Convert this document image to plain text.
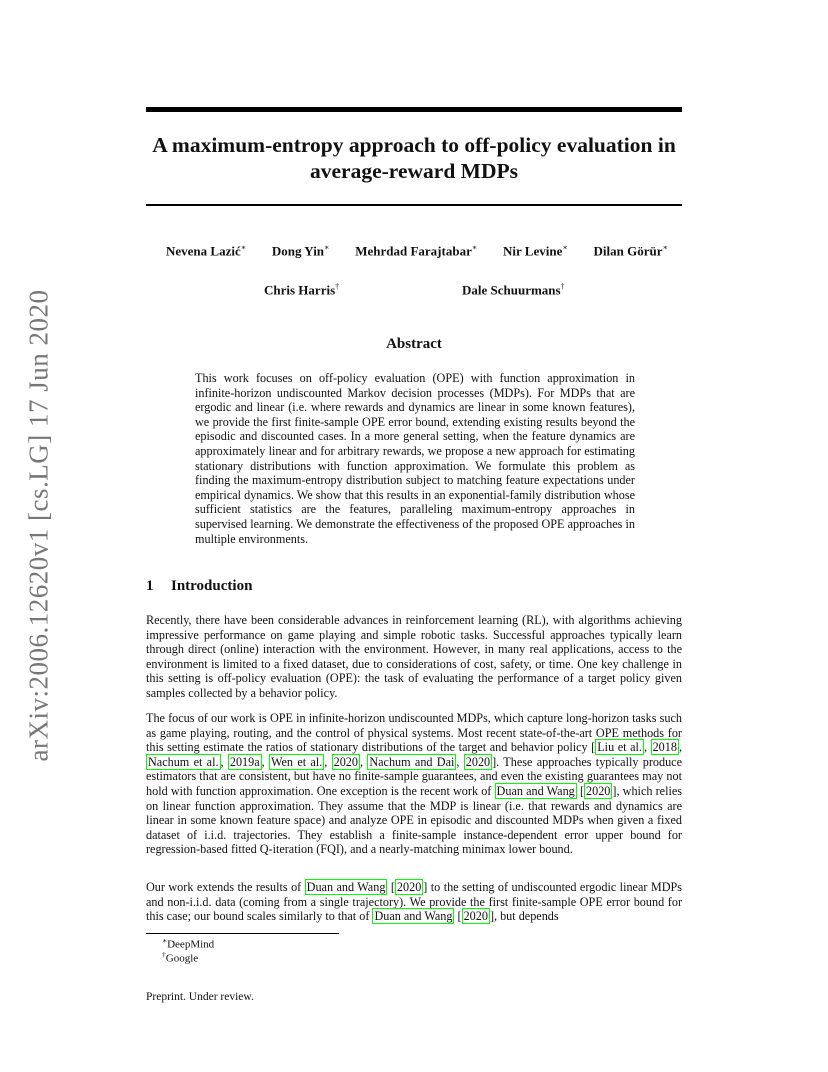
arXiv:2006.12620v1 [cs.LG] 17 Jun 2020
A maximum-entropy approach to off-policy evaluation in average-reward MDPs
Nevena Lazić∗ Dong Yin∗ Mehrdad Farajtabar∗ Nir Levine∗ Dilan Görür∗
Chris Harris†	Dale Schuurmans†
Abstract
This work focuses on off-policy evaluation (OPE) with function approximation in infinite-horizon undiscounted Markov decision processes (MDPs). For MDPs that are ergodic and linear (i.e. where rewards and dynamics are linear in some known features), we provide the first finite-sample OPE error bound, extending existing results beyond the episodic and discounted cases. In a more general setting, when the feature dynamics are approximately linear and for arbitrary rewards, we propose a new approach for estimating stationary distributions with function approximation. We formulate this problem as finding the maximum-entropy distribution subject to matching feature expectations under empirical dynamics. We show that this results in an exponential-family distribution whose sufficient statistics are the features, paralleling maximum-entropy approaches in supervised learning. We demonstrate the effectiveness of the proposed OPE approaches in multiple environments.
1 Introduction
Recently, there have been considerable advances in reinforcement learning (RL), with algorithms achieving impressive performance on game playing and simple robotic tasks. Successful approaches typically learn through direct (online) interaction with the environment. However, in many real applications, access to the environment is limited to a fixed dataset, due to considerations of cost, safety, or time. One key challenge in this setting is off-policy evaluation (OPE): the task of evaluating the performance of a target policy given samples collected by a behavior policy.
The focus of our work is OPE in infinite-horizon undiscounted MDPs, which capture long-horizon tasks such as game playing, routing, and the control of physical systems. Most recent state-of-the-art OPE methods for this setting estimate the ratios of stationary distributions of the target and behavior policy [ Liu et al. , 2018 , Nachum et al. , 2019a , Wen et al. , 2020 , Nachum and Dai , 2020 ]. These approaches typically produce estimators that are consistent, but have no finite-sample guarantees, and even the existing guarantees may not hold with function approximation. One exception is the recent work of Duan and Wang [ 2020 ], which relies on linear function approximation. They assume that the MDP is linear (i.e. that rewards and dynamics are linear in some known feature space) and analyze OPE in episodic and discounted MDPs when given a fixed dataset of i.i.d. trajectories. They establish a finite-sample instance-dependent error upper bound for regression-based fitted Q-iteration (FQI), and a nearly-matching minimax lower bound.
Our work extends the results of Duan and Wang [ 2020 ] to the setting of undiscounted ergodic linear MDPs and non-i.i.d. data (coming from a single trajectory). We provide the first finite-sample OPE error bound for this case; our bound scales similarly to that of Duan and Wang [ 2020 ], but depends
∗DeepMind
†Google
Preprint. Under review.
